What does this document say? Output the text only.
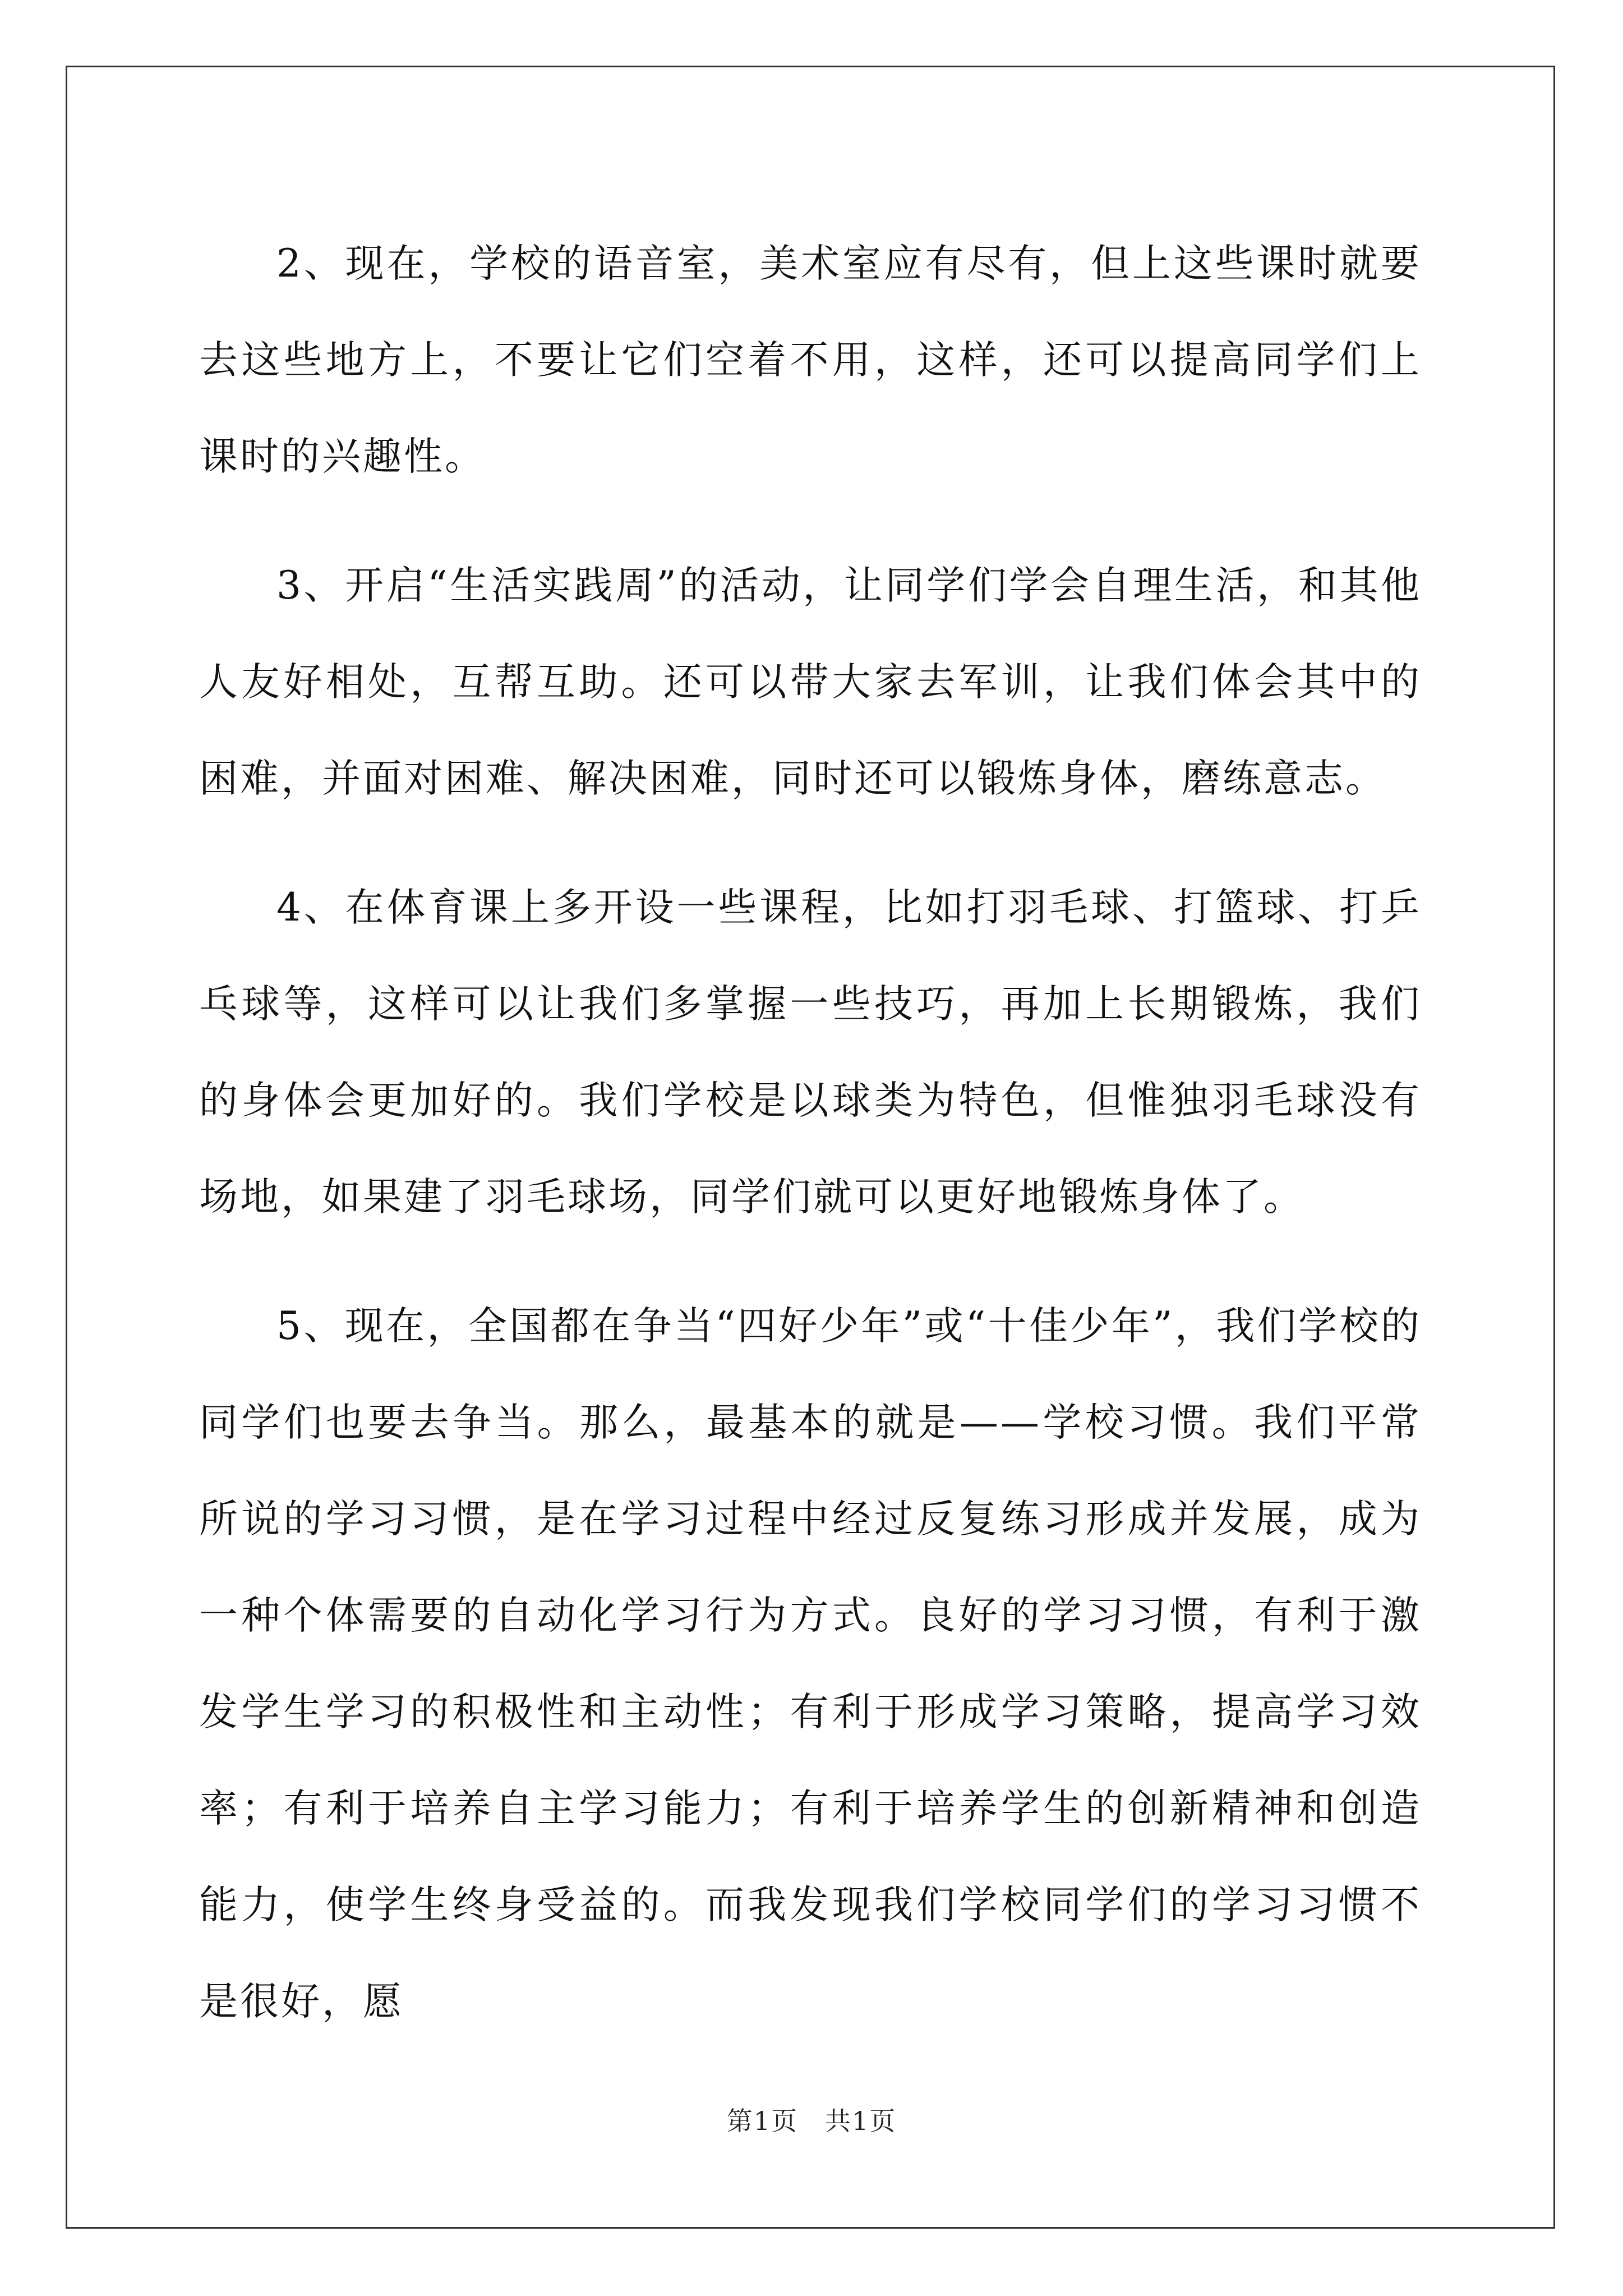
2、现在，学校的语音室，美术室应有尽有，但上这些课时就要去这些地方上，不要让它们空着不用，这样，还可以提高同学们上课时的兴趣性。

3、开启“生活实践周”的活动，让同学们学会自理生活，和其他人友好相处，互帮互助。还可以带大家去军训，让我们体会其中的困难，并面对困难、解决困难，同时还可以锻炼身体，磨练意志。

4、在体育课上多开设一些课程，比如打羽毛球、打篮球、打乒乓球等，这样可以让我们多掌握一些技巧，再加上长期锻炼，我们的身体会更加好的。我们学校是以球类为特色，但惟独羽毛球没有场地，如果建了羽毛球场，同学们就可以更好地锻炼身体了。

5、现在，全国都在争当“四好少年”或“十佳少年”，我们学校的同学们也要去争当。那么，最基本的就是——学校习惯。我们平常所说的学习习惯，是在学习过程中经过反复练习形成并发展，成为一种个体需要的自动化学习行为方式。良好的学习习惯，有利于激发学生学习的积极性和主动性；有利于形成学习策略，提高学习效率；有利于培养自主学习能力；有利于培养学生的创新精神和创造能力，使学生终身受益的。而我发现我们学校同学们的学习习惯不是很好，愿

第1页 共1页
